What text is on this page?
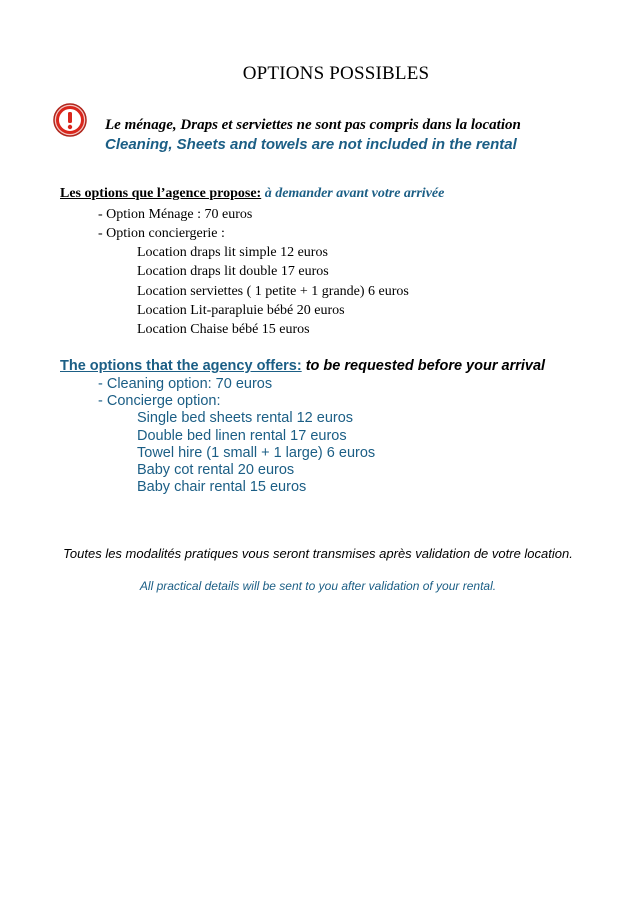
OPTIONS POSSIBLES
Le ménage, Draps et serviettes ne sont pas compris dans la location
Cleaning, Sheets and towels are not included in the rental
Les options que l’agence propose: à demander avant votre arrivée
- Option Ménage : 70 euros
- Option conciergerie :
Location draps lit simple 12 euros
Location draps lit double 17 euros
Location serviettes ( 1 petite + 1 grande) 6 euros
Location Lit-parapluie bébé 20 euros
Location Chaise bébé 15 euros
The options that the agency offers: to be requested before your arrival
- Cleaning option: 70 euros
- Concierge option:
Single bed sheets rental 12 euros
Double bed linen rental 17 euros
Towel hire (1 small + 1 large) 6 euros
Baby cot rental 20 euros
Baby chair rental 15 euros
Toutes les modalités pratiques vous seront transmises après validation de votre location.
All practical details will be sent to you after validation of your rental.
